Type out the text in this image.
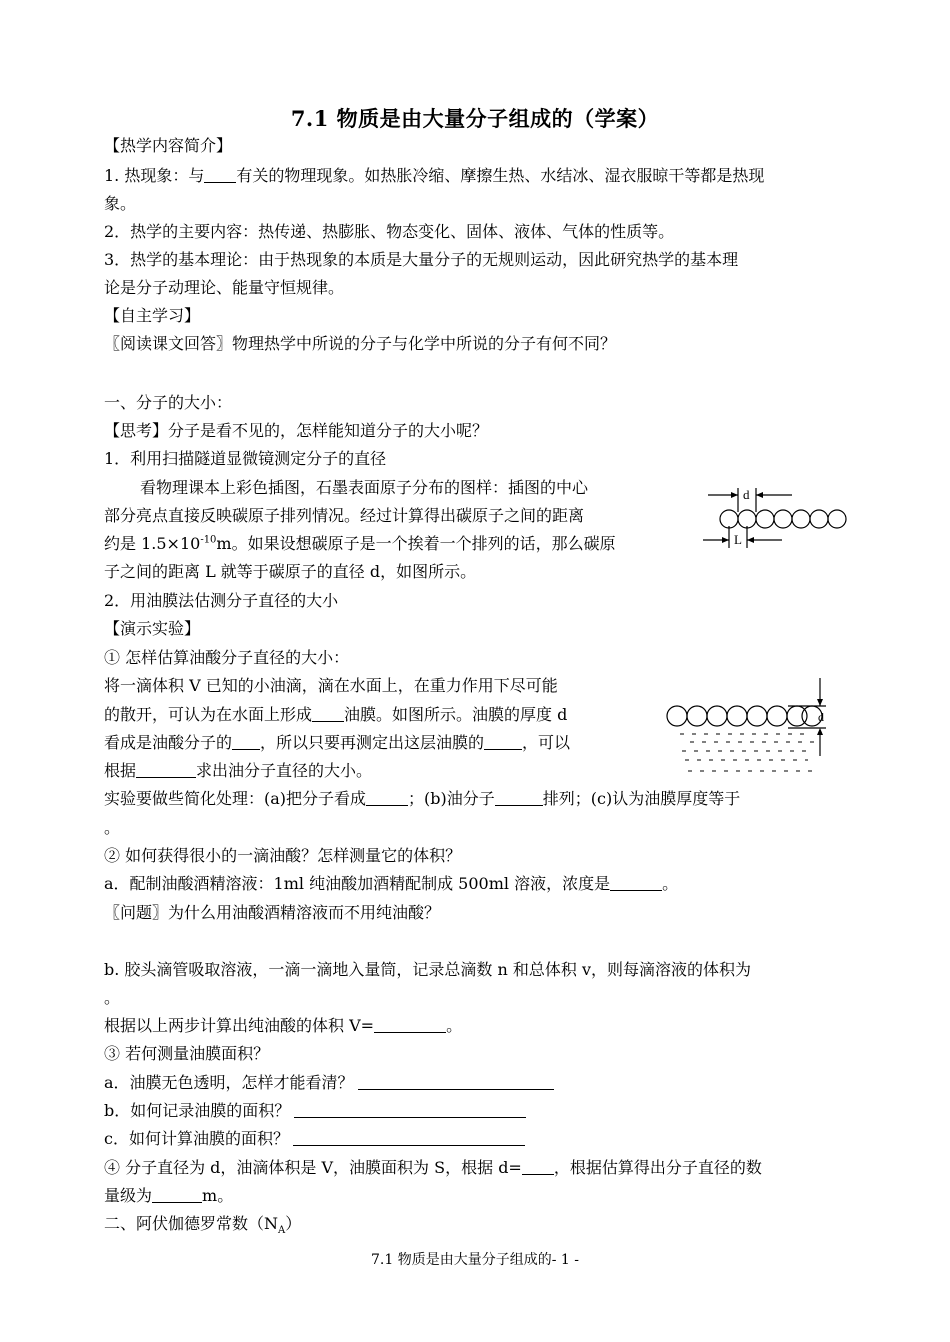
7.1 物质是由大量分子组成的（学案）
【热学内容简介】
1. 热现象：与 有关的物理现象。如热胀冷缩、摩擦生热、水结冰、湿衣服晾干等都是热现
象。
2．热学的主要内容：热传递、热膨胀、物态变化、固体、液体、气体的性质等。
3．热学的基本理论：由于热现象的本质是大量分子的无规则运动，因此研究热学的基本理
论是分子动理论、能量守恒规律。
【自主学习】
〖阅读课文回答〗物理热学中所说的分子与化学中所说的分子有何不同？
一、分子的大小：
【思考】分子是看不见的，怎样能知道分子的大小呢？
1．利用扫描隧道显微镜测定分子的直径
看物理课本上彩色插图，石墨表面原子分布的图样：插图的中心
部分亮点直接反映碳原子排列情况。经过计算得出碳原子之间的距离
约是 $1.5\times 10^{-10}m$。如果设想碳原子是一个挨着一个排列的话，那么碳原
子之间的距离 L 就等于碳原子的直径 d，如图所示。
d
L
2．用油膜法估测分子直径的大小
【演示实验】
① 怎样估算油酸分子直径的大小：
将一滴体积 V 已知的小油滴，滴在水面上，在重力作用下尽可能
的散开，可认为在水面上形成 油膜。如图所示。油膜的厚度 d
看成是油酸分子的 ，所以只要再测定出这层油膜的 ，可以
根据	求出油分子直径的大小。
d
实验要做些简化处理：(a)把分子看成	；(b)油分子	排列；(c)认为油膜厚度等于
。
② 如何获得很小的一滴油酸？怎样测量它的体积？
a．配制油酸酒精溶液：1ml 纯油酸加酒精配制成 500ml 溶液，浓度是	。
〖问题〗为什么用油酸酒精溶液而不用纯油酸？
b. 胶头滴管吸取溶液，一滴一滴地入量筒，记录总滴数 n 和总体积 v，则每滴溶液的体积为
。
根据以上两步计算出纯油酸的体积 V=	。
③ 若何测量油膜面积？
a．油膜无色透明，怎样才能看清？
b．如何记录油膜的面积？
c．如何计算油膜的面积？
④ 分子直径为 d，油滴体积是 V，油膜面积为 S，根据 d= ，根据估算得出分子直径的数
量级为	m。
二、阿伏伽德罗常数$(N_A)$
7.1 物质是由大量分子组成的- 1 -
